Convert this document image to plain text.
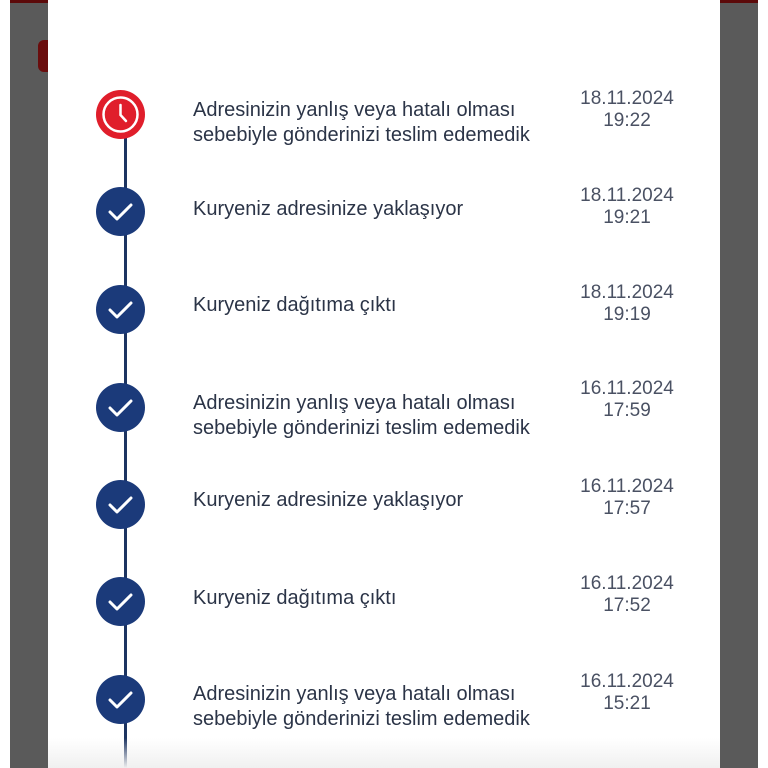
Adresinizin yanlış veya hatalı olması sebebiyle gönderinizi teslim edemedik
18.11.2024
19:22
Kuryeniz adresinize yaklaşıyor
18.11.2024
19:21
Kuryeniz dağıtıma çıktı
18.11.2024
19:19
Adresinizin yanlış veya hatalı olması sebebiyle gönderinizi teslim edemedik
16.11.2024
17:59
Kuryeniz adresinize yaklaşıyor
16.11.2024
17:57
Kuryeniz dağıtıma çıktı
16.11.2024
17:52
Adresinizin yanlış veya hatalı olması sebebiyle gönderinizi teslim edemedik
16.11.2024
15:21
